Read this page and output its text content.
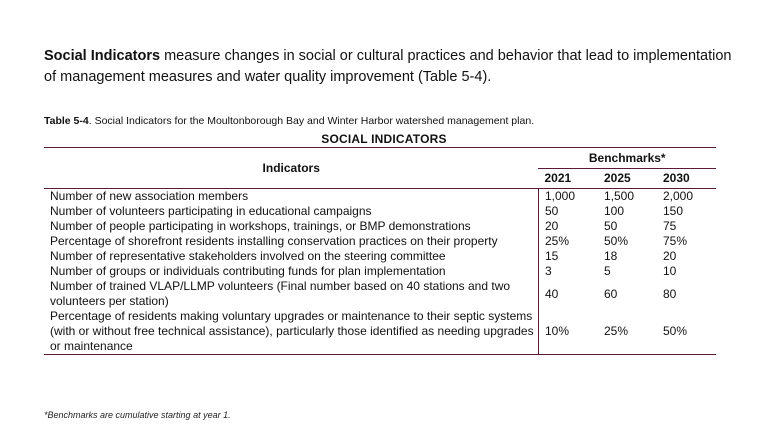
Social Indicators measure changes in social or cultural practices and behavior that lead to implementation of management measures and water quality improvement (Table 5-4).

Table 5-4. Social Indicators for the Moultonborough Bay and Winter Harbor watershed management plan.

SOCIAL INDICATORS
Indicators	Benchmarks*		
	2021	2025	2030
Number of new association members	1,000	1,500	2,000
Number of volunteers participating in educational campaigns	50	100	150
Number of people participating in workshops, trainings, or BMP demonstrations	20	50	75
Percentage of shorefront residents installing conservation practices on their property	25%	50%	75%
Number of representative stakeholders involved on the steering committee	15	18	20
Number of groups or individuals contributing funds for plan implementation	3	5	10
Number of trained VLAP/LLMP volunteers (Final number based on 40 stations and two volunteers per station)	40	60	80
Percentage of residents making voluntary upgrades or maintenance to their septic systems (with or without free technical assistance), particularly those identified as needing upgrades or maintenance	10%	25%	50%
*Benchmarks are cumulative starting at year 1.
